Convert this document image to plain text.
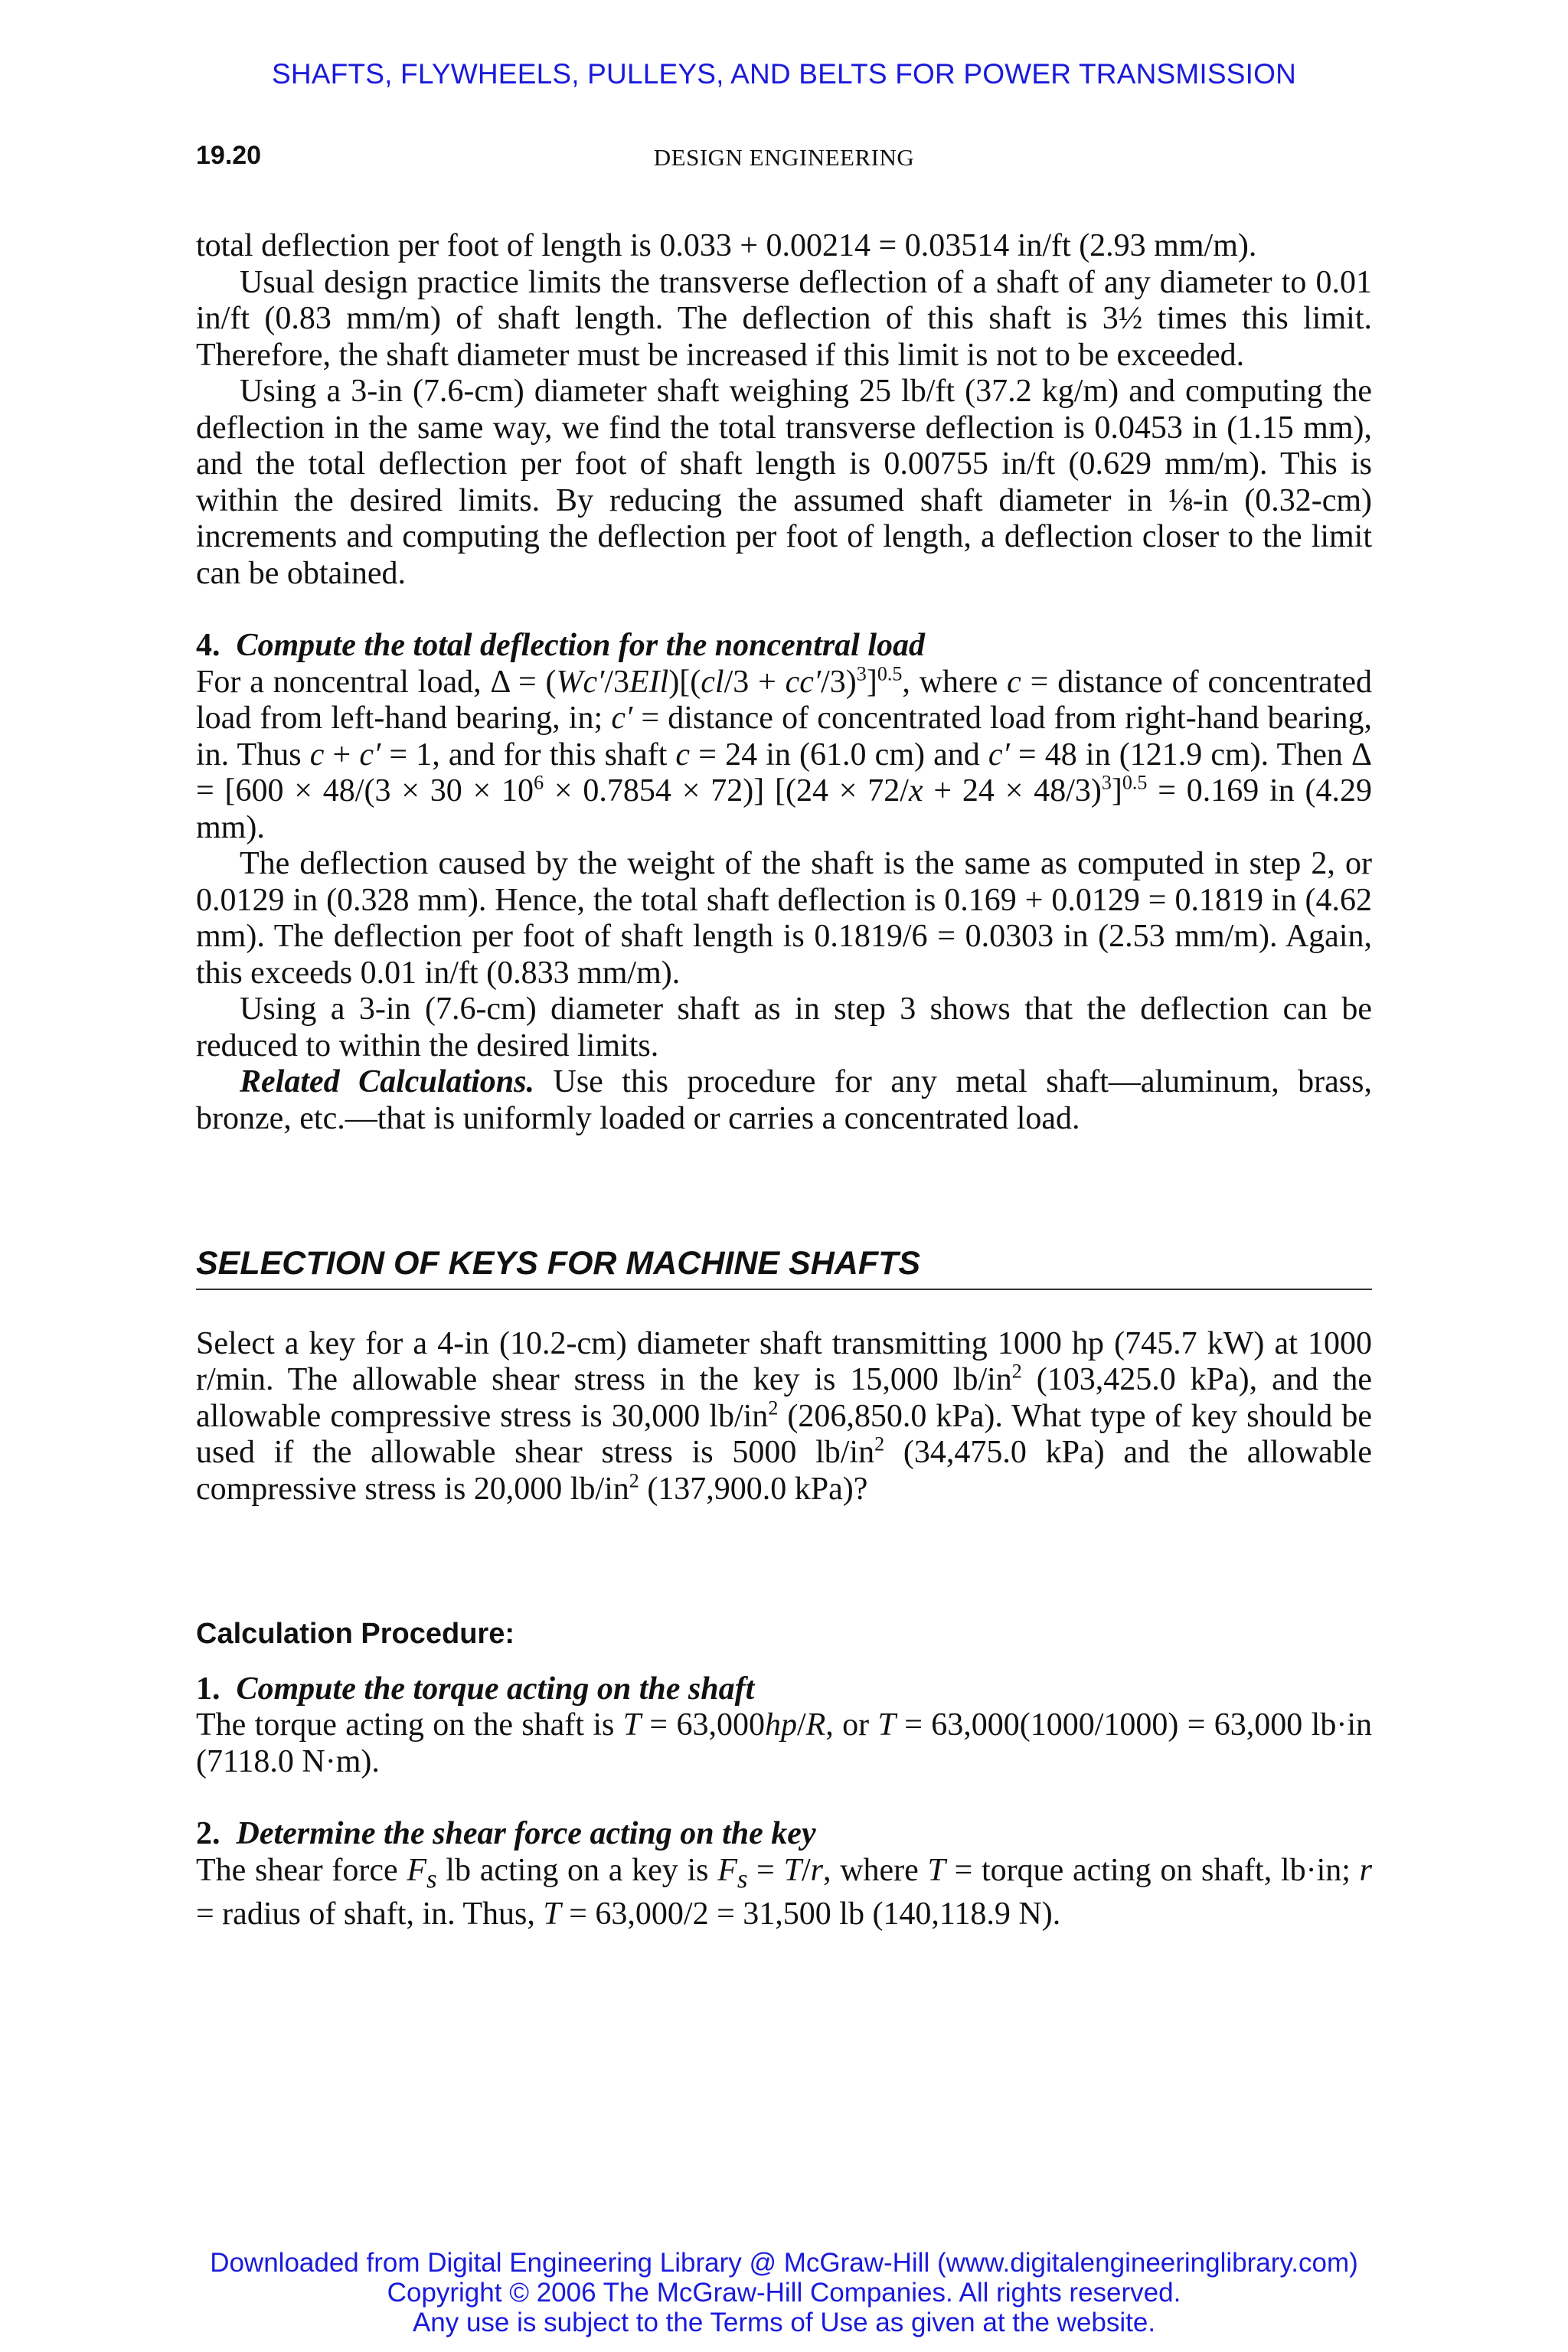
SHAFTS, FLYWHEELS, PULLEYS, AND BELTS FOR POWER TRANSMISSION
19.20	DESIGN ENGINEERING

total deflection per foot of length is 0.033 + 0.00214 = 0.03514 in/ft (2.93 mm/m).

Usual design practice limits the transverse deflection of a shaft of any diameter to 0.01 in/ft (0.83 mm/m) of shaft length. The deflection of this shaft is 3½ times this limit. Therefore, the shaft diameter must be increased if this limit is not to be exceeded.

Using a 3-in (7.6-cm) diameter shaft weighing 25 lb/ft (37.2 kg/m) and computing the deflection in the same way, we find the total transverse deflection is 0.0453 in (1.15 mm), and the total deflection per foot of shaft length is 0.00755 in/ft (0.629 mm/m). This is within the desired limits. By reducing the assumed shaft diameter in ⅛-in (0.32-cm) increments and computing the deflection per foot of length, a deflection closer to the limit can be obtained.

4. Compute the total deflection for the noncentral load

For a noncentral load, $\Delta = (Wc'/3EIl)[(cl/3 + cc'/3)^3]^{0.5}$, where c = distance of concentrated load from left-hand bearing, in; c′ = distance of concentrated load from right-hand bearing, in. Thus c + c′ = 1, and for this shaft c = 24 in (61.0 cm) and c′ = 48 in (121.9 cm). Then $\Delta = [600 \times 48/(3 \times 30 \times 10^6 \times 0.7854 \times 72)]$ $[(24 \times 72/x + 24 \times 48/3)^3]^{0.5} = 0.169$ in (4.29 mm).

The deflection caused by the weight of the shaft is the same as computed in step 2, or 0.0129 in (0.328 mm). Hence, the total shaft deflection is 0.169 + 0.0129 = 0.1819 in (4.62 mm). The deflection per foot of shaft length is 0.1819/6 = 0.0303 in (2.53 mm/m). Again, this exceeds 0.01 in/ft (0.833 mm/m).

Using a 3-in (7.6-cm) diameter shaft as in step 3 shows that the deflection can be reduced to within the desired limits.

Related Calculations. Use this procedure for any metal shaft—aluminum, brass, bronze, etc.—that is uniformly loaded or carries a concentrated load.

SELECTION OF KEYS FOR MACHINE SHAFTS

Select a key for a 4-in (10.2-cm) diameter shaft transmitting 1000 hp (745.7 kW) at 1000 r/min. The allowable shear stress in the key is 15,000 $lb/in^2$ (103,425.0 kPa), and the allowable compressive stress is 30,000 $lb/in^2$ (206,850.0 kPa). What type of key should be used if the allowable shear stress is 5000 $lb/in^2$ (34,475.0 kPa) and the allowable compressive stress is 20,000 $lb/in^2$ (137,900.0 kPa)?

Calculation Procedure:

1. Compute the torque acting on the shaft

The torque acting on the shaft is T = 63,000hp/R, or T = 63,000(1000/1000) = 63,000 lb·in (7118.0 N·m).

2. Determine the shear force acting on the key

The shear force $F_s$ lb acting on a key is $F_s = T/r$, where T = torque acting on shaft, lb·in; r = radius of shaft, in. Thus, T = 63,000/2 = 31,500 lb (140,118.9 N).

Downloaded from Digital Engineering Library @ McGraw-Hill (www.digitalengineeringlibrary.com)
Copyright © 2006 The McGraw-Hill Companies. All rights reserved.
Any use is subject to the Terms of Use as given at the website.
